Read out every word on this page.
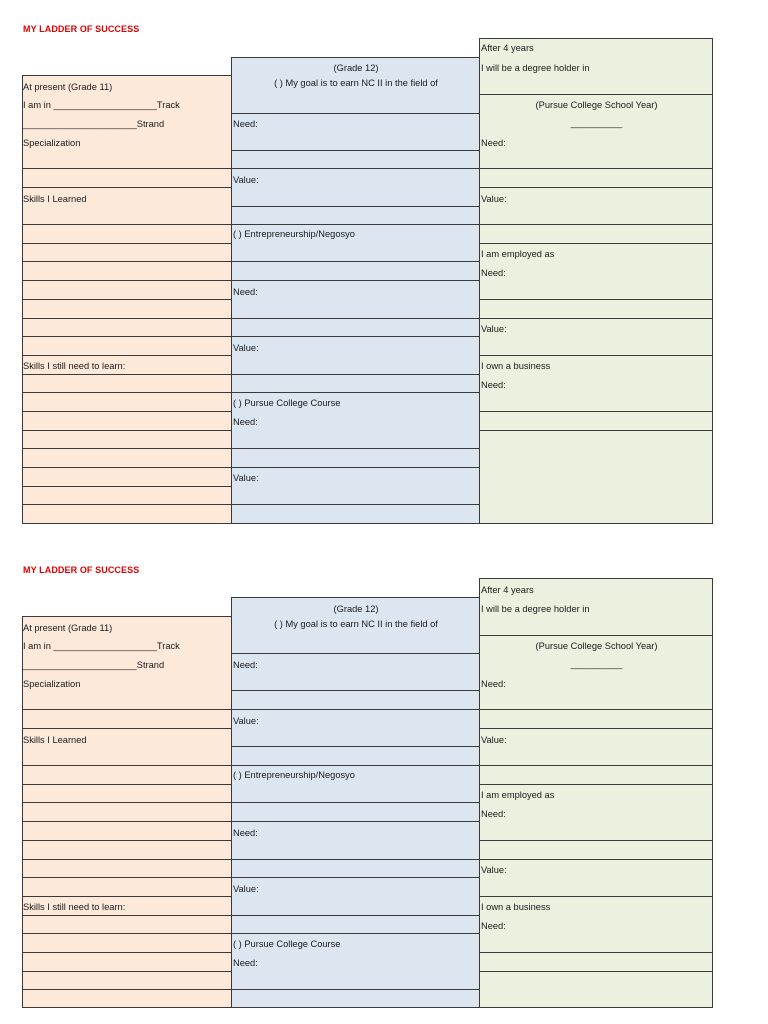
MY LADDER OF SUCCESS
At present (Grade 11)
I am in ____________________Track
______________________Strand
Specialization
Skills I Learned
Skills I still need to learn:
(Grade 12)
( ) My goal is to earn NC II in the field of
Need:
Value:
( ) Entrepreneurship/Negosyo
Need:
Value:
( ) Pursue College Course
Need:
Value:
After 4 years
I will be a degree holder in
(Pursue College School Year)
__________
Need:
Value:
I am employed as
Need:
Value:
I own a business
Need:
MY LADDER OF SUCCESS
At present (Grade 11)
I am in ____________________Track
______________________Strand
Specialization
Skills I Learned
Skills I still need to learn:
(Grade 12)
( ) My goal is to earn NC II in the field of
Need:
Value:
( ) Entrepreneurship/Negosyo
Need:
Value:
( ) Pursue College Course
Need:
After 4 years
I will be a degree holder in
(Pursue College School Year)
__________
Need:
Value:
I am employed as
Need:
Value:
I own a business
Need:
